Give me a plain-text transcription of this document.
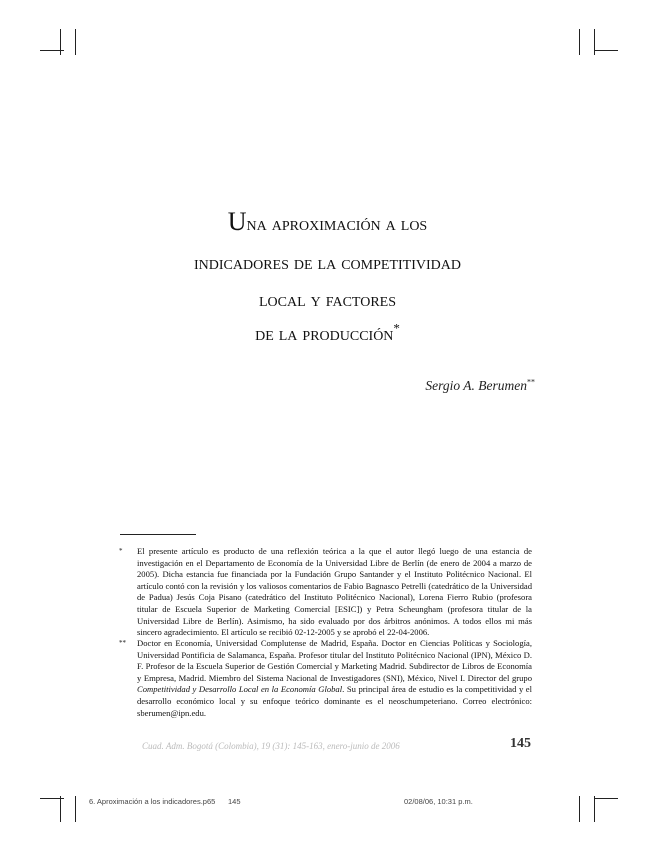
Una aproximación a los
indicadores de la competitividad
local y factores
de la producción*
Sergio A. Berumen**
* El presente artículo es producto de una reflexión teórica a la que el autor llegó luego de una estancia de investigación en el Departamento de Economía de la Universidad Libre de Berlín (de enero de 2004 a marzo de 2005). Dicha estancia fue financiada por la Fundación Grupo Santander y el Instituto Politécnico Nacional. El artículo contó con la revisión y los valiosos comentarios de Fabio Bagnasco Petrelli (catedrático de la Universidad de Padua) Jesús Coja Pisano (catedrático del Instituto Politécnico Nacional), Lorena Fierro Rubio (profesora titular de Escuela Superior de Marketing Comercial [ESIC]) y Petra Scheungham (profesora titular de la Universidad Libre de Berlín). Asimismo, ha sido evaluado por dos árbitros anónimos. A todos ellos mi más sincero agradecimiento. El artículo se recibió 02-12-2005 y se aprobó el 22-04-2006.
** Doctor en Economía, Universidad Complutense de Madrid, España. Doctor en Ciencias Políticas y Sociología, Universidad Pontificia de Salamanca, España. Profesor titular del Instituto Politécnico Nacional (IPN), México D. F. Profesor de la Escuela Superior de Gestión Comercial y Marketing Madrid. Subdirector de Libros de Economía y Empresa, Madrid. Miembro del Sistema Nacional de Investigadores (SNI), México, Nivel I. Director del grupo Competitividad y Desarrollo Local en la Economía Global. Su principal área de estudio es la competitividad y el desarrollo económico local y su enfoque teórico dominante es el neoschumpeteriano. Correo electrónico: sberumen@ipn.edu.
Cuad. Adm. Bogotá (Colombia), 19 (31): 145-163, enero-junio de 2006	145
6. Aproximación a los indicadores.p65 145	02/08/06, 10:31 p.m.
